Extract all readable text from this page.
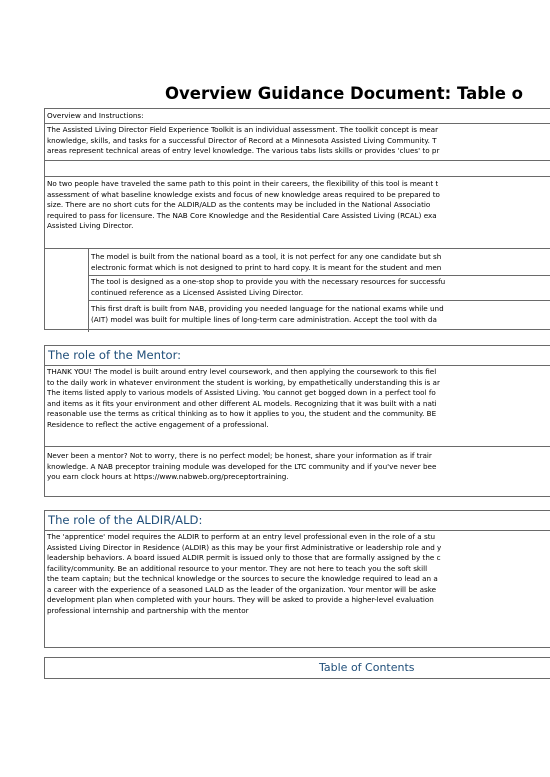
Overview Guidance Document: Table o
Overview and Instructions:
The Assisted Living Director Field Experience Toolkit is an individual assessment. The toolkit concept is mear
knowledge, skills, and tasks for a successful Director of Record at a Minnesota Assisted Living Community. T
areas represent technical areas of entry level knowledge. The various tabs lists skills or provides 'clues' to pr
No two people have traveled the same path to this point in their careers, the flexibility of this tool is meant t
assessment of what baseline knowledge exists and focus of new knowledge areas required to be prepared to
size. There are no short cuts for the ALDIR/ALD as the contents may be included in the National Associatio
required to pass for licensure. The NAB Core Knowledge and the Residential Care Assisted Living (RCAL) exa
Assisted Living Director.
The model is built from the national board as a tool, it is not perfect for any one candidate but sh
electronic format which is not designed to print to hard copy. It is meant for the student and men
The tool is designed as a one-stop shop to provide you with the necessary resources for successfu
continued reference as a Licensed Assisted Living Director.
This first draft is built from NAB, providing you needed language for the national exams while und
(AIT) model was built for multiple lines of long-term care administration. Accept the tool with da
The role of the Mentor:
THANK YOU! The model is built around entry level coursework, and then applying the coursework to this fiel
to the daily work in whatever environment the student is working, by empathetically understanding this is ar
The items listed apply to various models of Assisted Living. You cannot get bogged down in a perfect tool fo
and items as it fits your environment and other different AL models. Recognizing that it was built with a nati
reasonable use the terms as critical thinking as to how it applies to you, the student and the community. BE
Residence to reflect the active engagement of a professional.
Never been a mentor? Not to worry, there is no perfect model; be honest, share your information as if trair
knowledge. A NAB preceptor training module was developed for the LTC community and if you've never bee
you earn clock hours at https://www.nabweb.org/preceptortraining.
The role of the ALDIR/ALD:
The 'apprentice' model requires the ALDIR to perform at an entry level professional even in the role of a stu
Assisted Living Director in Residence (ALDIR) as this may be your first Administrative or leadership role and y
leadership behaviors. A board issued ALDIR permit is issued only to those that are formally assigned by the c
facility/community. Be an additional resource to your mentor. They are not here to teach you the soft skill
the team captain; but the technical knowledge or the sources to secure the knowledge required to lead an a
a career with the experience of a seasoned LALD as the leader of the organization. Your mentor will be aske
development plan when completed with your hours. They will be asked to provide a higher-level evaluation
professional internship and partnership with the mentor
Table of Contents
